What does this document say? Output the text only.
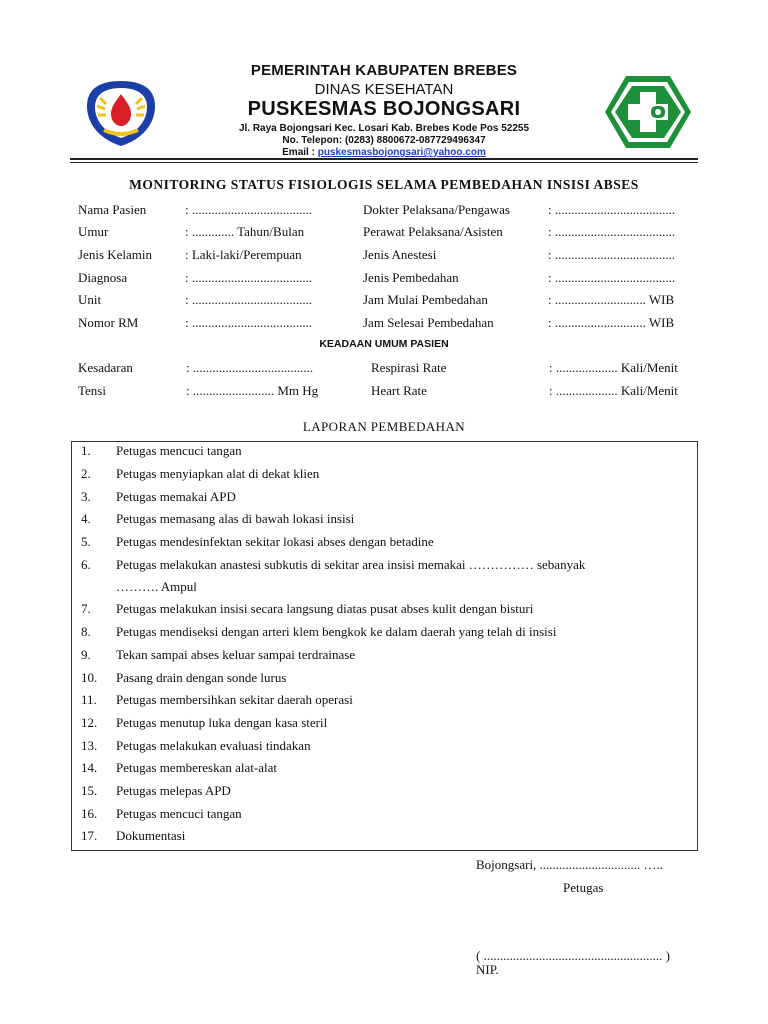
PEMERINTAH KABUPATEN BREBES
DINAS KESEHATAN
PUSKESMAS BOJONGSARI
Jl. Raya Bojongsari Kec. Losari Kab. Brebes Kode Pos 52255
No. Telepon: (0283) 8800672-087729496347
Email : puskesmasbojongsari@yahoo.com
MONITORING STATUS FISIOLOGIS SELAMA PEMBEDAHAN INSISI ABSES
Nama Pasien	: .....................................
Umur	: ............. Tahun/Bulan
Jenis Kelamin	: Laki-laki/Perempuan
Diagnosa	: .....................................
Unit	: .....................................
Nomor RM	: .....................................
Dokter Pelaksana/Pengawas	: .....................................
Perawat Pelaksana/Asisten	: .....................................
Jenis Anestesi	: .....................................
Jenis Pembedahan	: .....................................
Jam Mulai Pembedahan	: ............................ WIB
Jam Selesai Pembedahan	: ............................ WIB
KEADAAN UMUM PASIEN
Kesadaran	: .....................................
Tensi	: ......................... Mm Hg
Respirasi Rate	: ................... Kali/Menit
Heart Rate	: ................... Kali/Menit
LAPORAN PEMBEDAHAN
1. Petugas mencuci tangan
2. Petugas menyiapkan alat di dekat klien
3. Petugas memakai APD
4. Petugas memasang alas di bawah lokasi insisi
5. Petugas mendesinfektan sekitar lokasi abses dengan betadine
6. Petugas melakukan anastesi subkutis di sekitar area insisi memakai …………… sebanyak
………. Ampul
7. Petugas melakukan insisi secara langsung diatas pusat abses kulit dengan bisturi
8. Petugas mendiseksi dengan arteri klem bengkok ke dalam daerah yang telah di insisi
9. Tekan sampai abses keluar sampai terdrainase
10. Pasang drain dengan sonde lurus
11. Petugas membersihkan sekitar daerah operasi
12. Petugas menutup luka dengan kasa steril
13. Petugas melakukan evaluasi tindakan
14. Petugas membereskan alat-alat
15. Petugas melepas APD
16. Petugas mencuci tangan
17. Dokumentasi
Bojongsari, ............................... …..
Petugas
( ....................................................... )
NIP.
